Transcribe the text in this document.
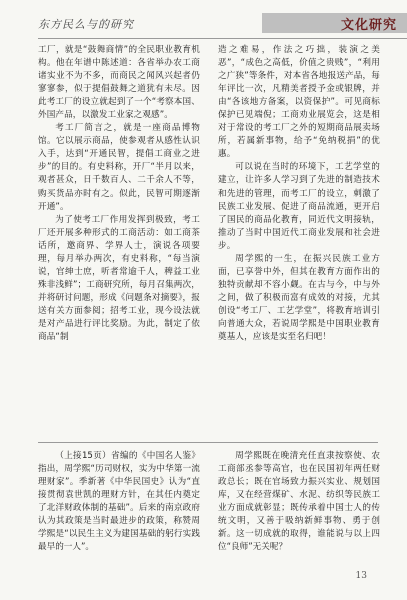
东方民么与的研究	文化研究

工厂，就是“鼓舞商情”的全民职业教育机构。他在年谱中陈述道：各省举办农工商诸实业不为不多，而商民之闻风兴起者仍寥寥参，似于提倡鼓舞之道犹有未尽。因此考工厂的设立就起到了一个“考察本国、外国产品，以激发工业家之观感”。

考工厂简言之，就是一座商品博物馆。它以展示商品，使参观者从感性认识入手，达到“开通民智，提倡工商业之进步”的目的。有史料称，开厂“半月以来，观者甚众，日千数百人、二千余人不等，购买货品亦时有之。似此，民智可期逐渐开通”。

为了使考工厂作用发挥到极致，考工厂还开展多种形式的工商活动：如工商茶话所，邀商界、学界人士，演说各项要理，每月举办两次，有史料称，“每当演说，官绅士庶，听者常逾千人，稗益工业殊非浅鲜”；工商研究所，每月召集两次，并将研讨问题，形成《问题条对摘要》，报送有关方面参阅；招考工业，现今设法就是对产品进行评比奖励。为此，制定了依商品“制

造之难易，作法之巧拙，装演之美恶”，“成色之高低，价值之贵贱”，“利用之广狭”等条件，对本省各地报送产品，每年评比一次，凡精美者授予金或银牌，并由“各该地方备案，以资保护”。可见商标保护已见端倪；工商劝业展览会，这是相对于常设的考工厂之外的短期商品展卖场所，若属新事物，给予“免纳税捐”的优惠。

可以说在当时的环境下，工艺学堂的建立，让许多人学习到了先进的制造技术和先进的管理，而考工厂的设立，刺激了民族工业发展、促进了商品流通，更开启了国民的商品化教育，同近代文明接轨，推动了当时中国近代工商业发展和社会进步。

周学熙的一生，在振兴民族工业方面，已享誉中外，但其在教育方面作出的独特贡献却不容小觑。在古与今，中与外之间，做了积极而富有成效的对接，尤其创设“考工厂、工艺学堂”，将教育培训引向普通大众，若说周学熙是中国职业教育奠基人，应该是实至名归吧！

（上接15页）省编的《中国名人鉴》指出，周学熙“历司财权，实为中华第一流理财家”。季新著《中华民国史》认为“直接贯彻袁世凯的理财方针，在其任内奠定了北洋财政体制的基础”。后来的南京政府认为其政策是当时最进步的政策，称赞周学熙是“以民生主义为建国基础的躬行实践最早的一人”。

周学熙既在晚清充任直隶按察使、农工商部丞参等高官，也在民国初年两任财政总长；既在官场致力振兴实业、规划国库，又在经营煤矿、水泥、纺织等民族工业方面成就彰显；既传承着中国士人的传统文明，又善于吸纳新鲜事物、勇于创新。这一切成就的取得，谁能说与以上四位“良师”无关呢？

13
